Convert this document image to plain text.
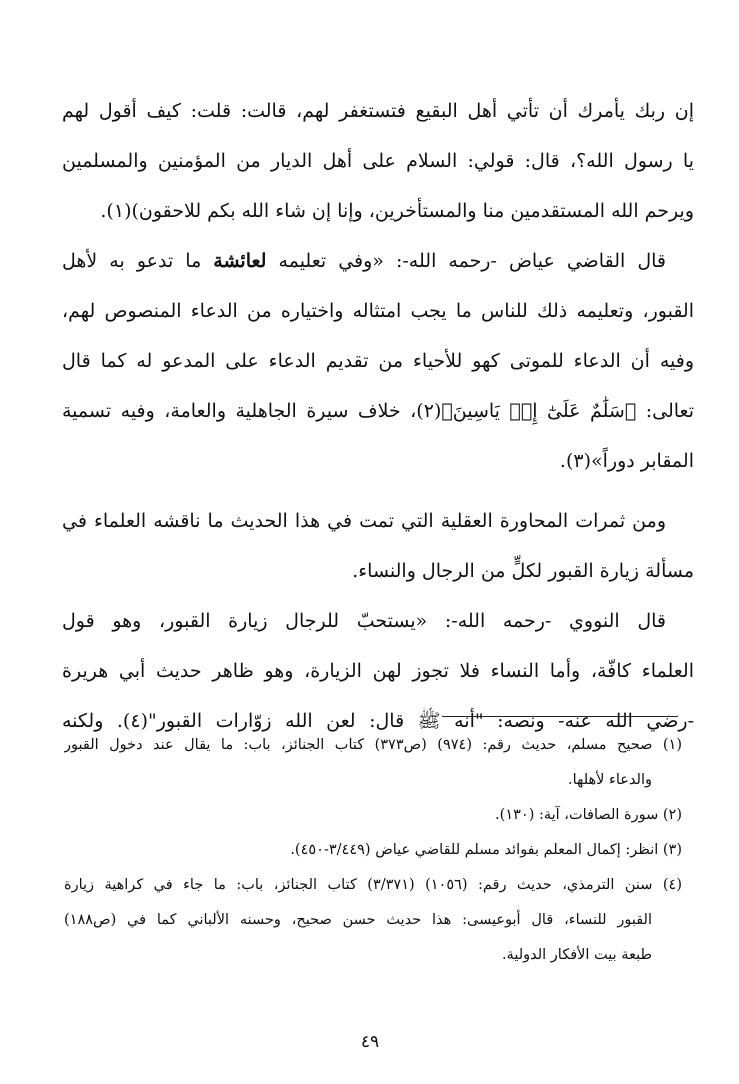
إن ربك يأمرك أن تأتي أهل البقيع فتستغفر لهم، قالت: قلت: كيف أقول لهم
يا رسول الله؟، قال: قولي: السلام على أهل الديار من المؤمنين والمسلمين
ويرحم الله المستقدمين منا والمستأخرين، وإنا إن شاء الله بكم للاحقون)(١).
قال القاضي عياض -رحمه الله-: «وفي تعليمه لعائشة ما تدعو به لأهل
القبور، وتعليمه ذلك للناس ما يجب امتثاله واختياره من الدعاء المنصوص لهم،
وفيه أن الدعاء للموتى كهو للأحياء من تقديم الدعاء على المدعو له كما قال
تعالى: ﴿سَلَٰمٌ عَلَىٰٓ إِلۡ يَاسِينَ﴾(٢)، خلاف سيرة الجاهلية والعامة، وفيه تسمية
المقابر دوراً»(٣).
ومن ثمرات المحاورة العقلية التي تمت في هذا الحديث ما ناقشه العلماء في
مسألة زيارة القبور لكلٍّ من الرجال والنساء.
قال النووي -رحمه الله-: «يستحبّ للرجال زيارة القبور، وهو قول
العلماء كافّة، وأما النساء فلا تجوز لهن الزيارة، وهو ظاهر حديث أبي هريرة
-رضي الله عنه- ونصه: "أنه ﷺ قال: لعن الله زوّارات القبور"(٤). ولكنه
(١) صحيح مسلم، حديث رقم: (٩٧٤) (ص٣٧٣) كتاب الجنائز، باب: ما يقال عند دخول القبور
والدعاء لأهلها.
(٢) سورة الصافات، آية: (١٣٠).
(٣) انظر: إكمال المعلم بفوائد مسلم للقاضي عياض (٣/٤٤٩-٤٥٠).
(٤) سنن الترمذي، حديث رقم: (١٠٥٦) (٣/٣٧١) كتاب الجنائز، باب: ما جاء في كراهية زيارة
القبور للنساء، قال أبوعيسى: هذا حديث حسن صحيح، وحسنه الألباني كما في (ص١٨٨)
طبعة بيت الأفكار الدولية.
٤٩
